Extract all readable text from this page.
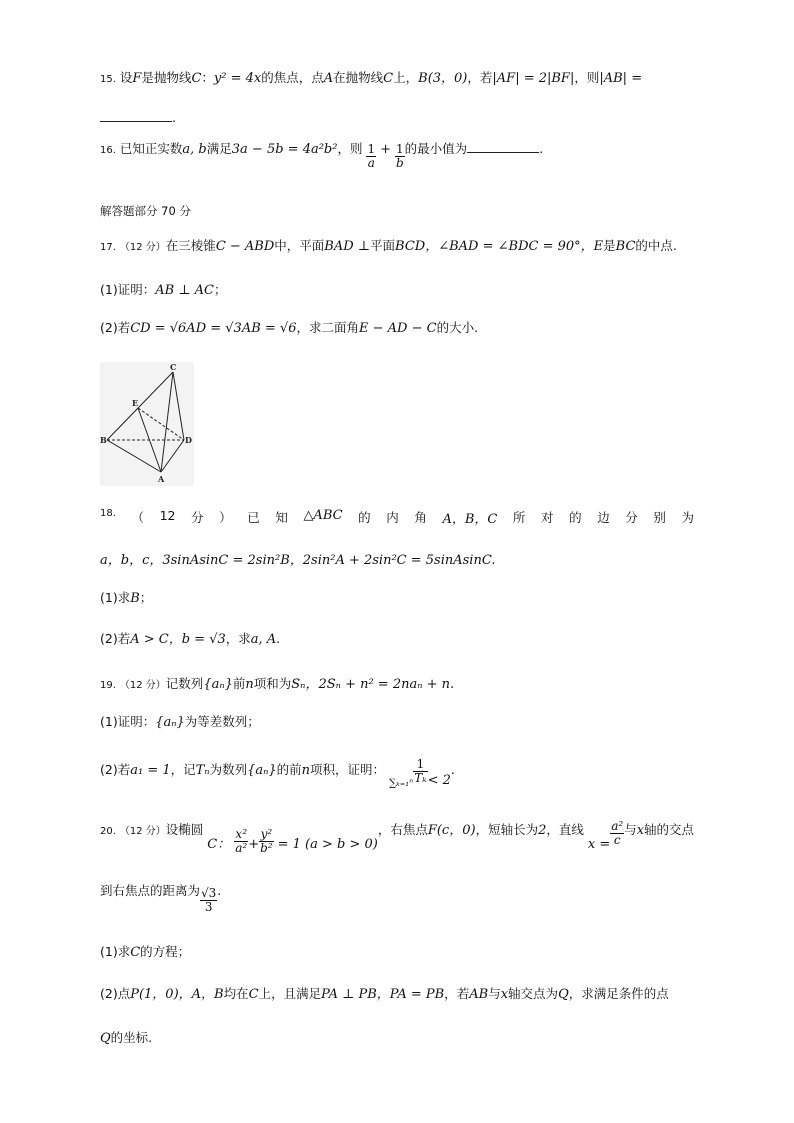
15. 设F是抛物线C：y² = 4x的焦点，点A在抛物线C上，B(3，0)，若|AF| = 2|BF|，则|AB| =
.
16. 已知正实数a, b满足3a − 5b = 4a²b²，则 $\frac{1}{a} + \frac{1}{b}$ 的最小值为	.
解答题部分 70 分
17. （12 分）在三棱锥C − ABD中，平面BAD ⊥平面BCD，∠BAD = ∠BDC = 90°，E是BC的中点.
(1)证明：AB ⊥ AC；
(2)若CD = √6AD = √3AB = √6，求二面角E − AD − C的大小.
C
E
B	D
A
18. （ 12 分 ） 已 知 △ABC 的 内 角 A，B，C 所 对 的 边 分 别 为
a，b，c，3sinAsinC = 2sin²B，2sin²A + 2sin²C = 5sinAsinC.
(1)求B；
(2)若A > C，b = √3，求a, A.
19. （12 分）记数列{aₙ}前n项和为Sₙ，2Sₙ + n² = 2naₙ + n.
(1)证明：{aₙ}为等差数列；
(2)若a₁ = 1，记Tₙ为数列{aₙ}的前n项积，证明： $_{\sum_{k=1}^n} \frac{1}{\text{Tₖ}} < 2$.
20. （12 分）设椭圆 C： $\frac{\text{x²}}{\text{a²}} + \frac{\text{y²}}{\text{b²}} = 1$ (a > b > 0)，右焦点F(c，0)，短轴长为2，直线 $x = \frac{\text{a²}}{c}$ 与x轴的交点
到右焦点的距离为 $\frac{√3}{3}$ .
(1)求C的方程；
(2)点P(1，0)，A，B均在C上，且满足PA ⊥ PB，PA = PB，若AB与x轴交点为Q，求满足条件的点
Q的坐标.
